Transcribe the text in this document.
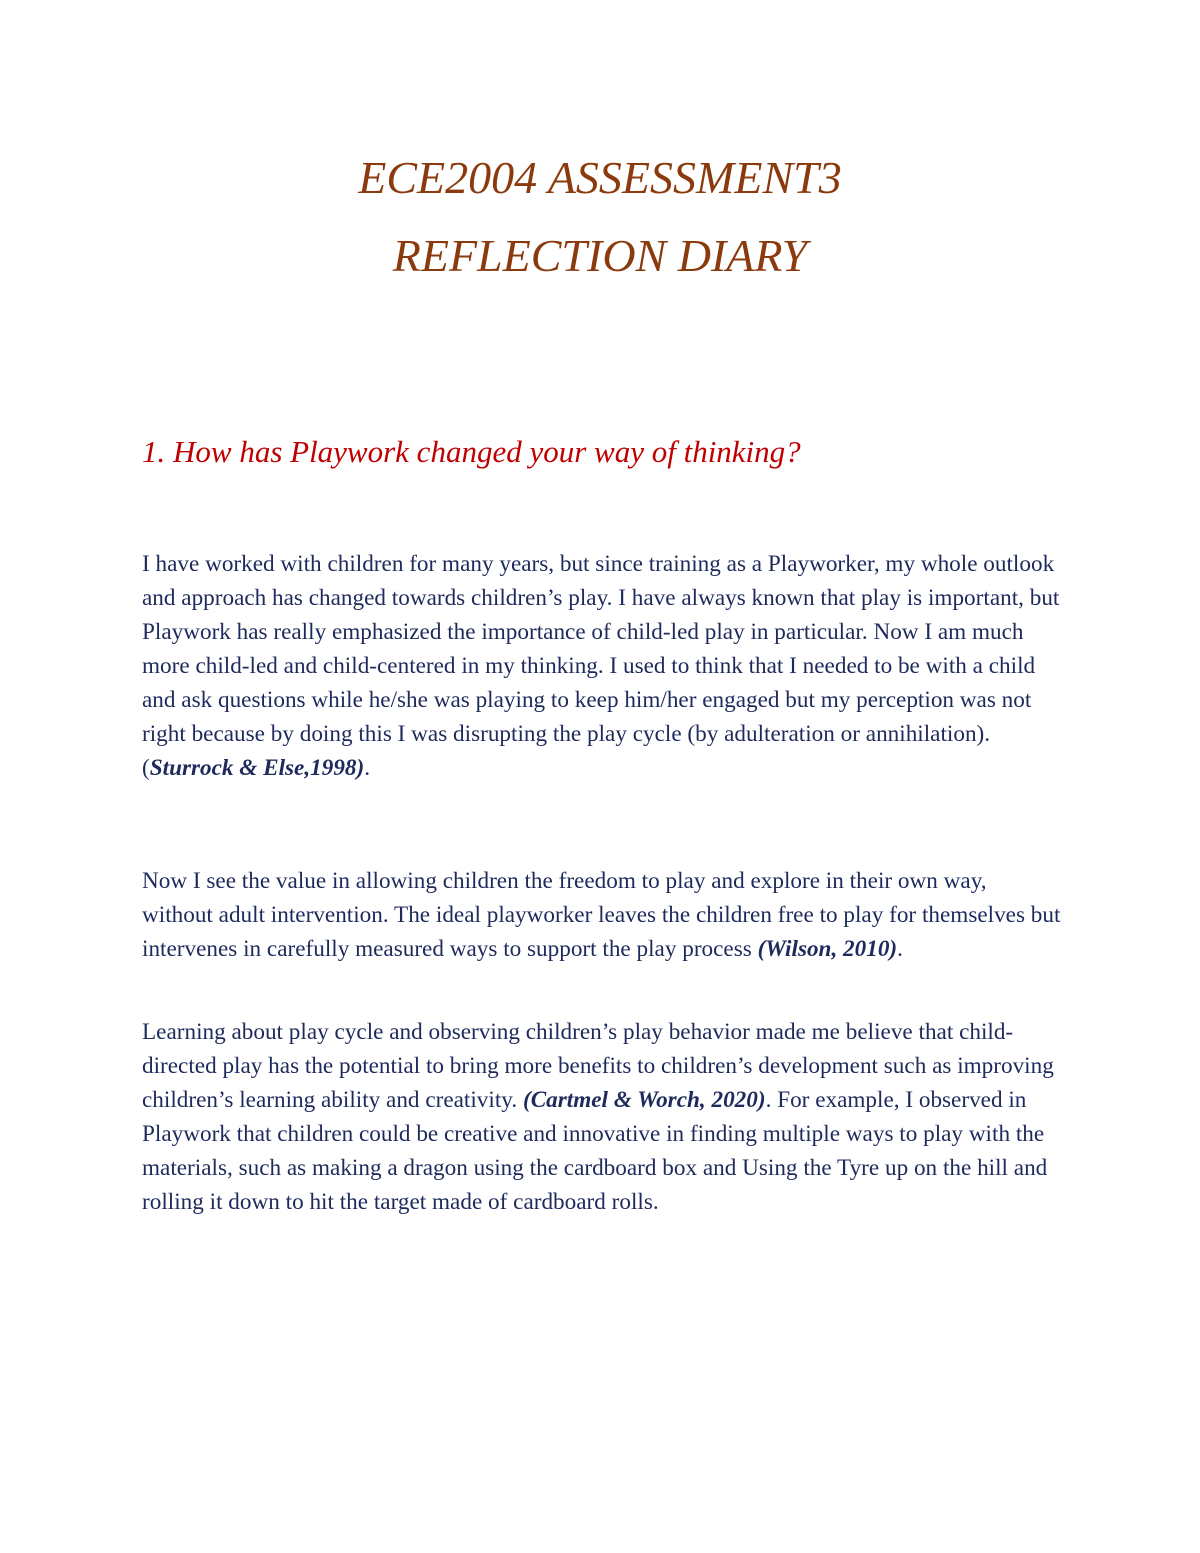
ECE2004 ASSESSMENT3
REFLECTION DIARY
1. How has Playwork changed your way of thinking?

I have worked with children for many years, but since training as a Playworker, my whole outlook and approach has changed towards children’s play. I have always known that play is important, but Playwork has really emphasized the importance of child-led play in particular. Now I am much more child-led and child-centered in my thinking. I used to think that I needed to be with a child and ask questions while he/she was playing to keep him/her engaged but my perception was not right because by doing this I was disrupting the play cycle (by adulteration or annihilation). (Sturrock & Else,1998).

Now I see the value in allowing children the freedom to play and explore in their own way, without adult intervention. The ideal playworker leaves the children free to play for themselves but intervenes in carefully measured ways to support the play process (Wilson, 2010).

Learning about play cycle and observing children’s play behavior made me believe that child-directed play has the potential to bring more benefits to children’s development such as improving children’s learning ability and creativity. (Cartmel & Worch, 2020). For example, I observed in Playwork that children could be creative and innovative in finding multiple ways to play with the materials, such as making a dragon using the cardboard box and Using the Tyre up on the hill and rolling it down to hit the target made of cardboard rolls.
